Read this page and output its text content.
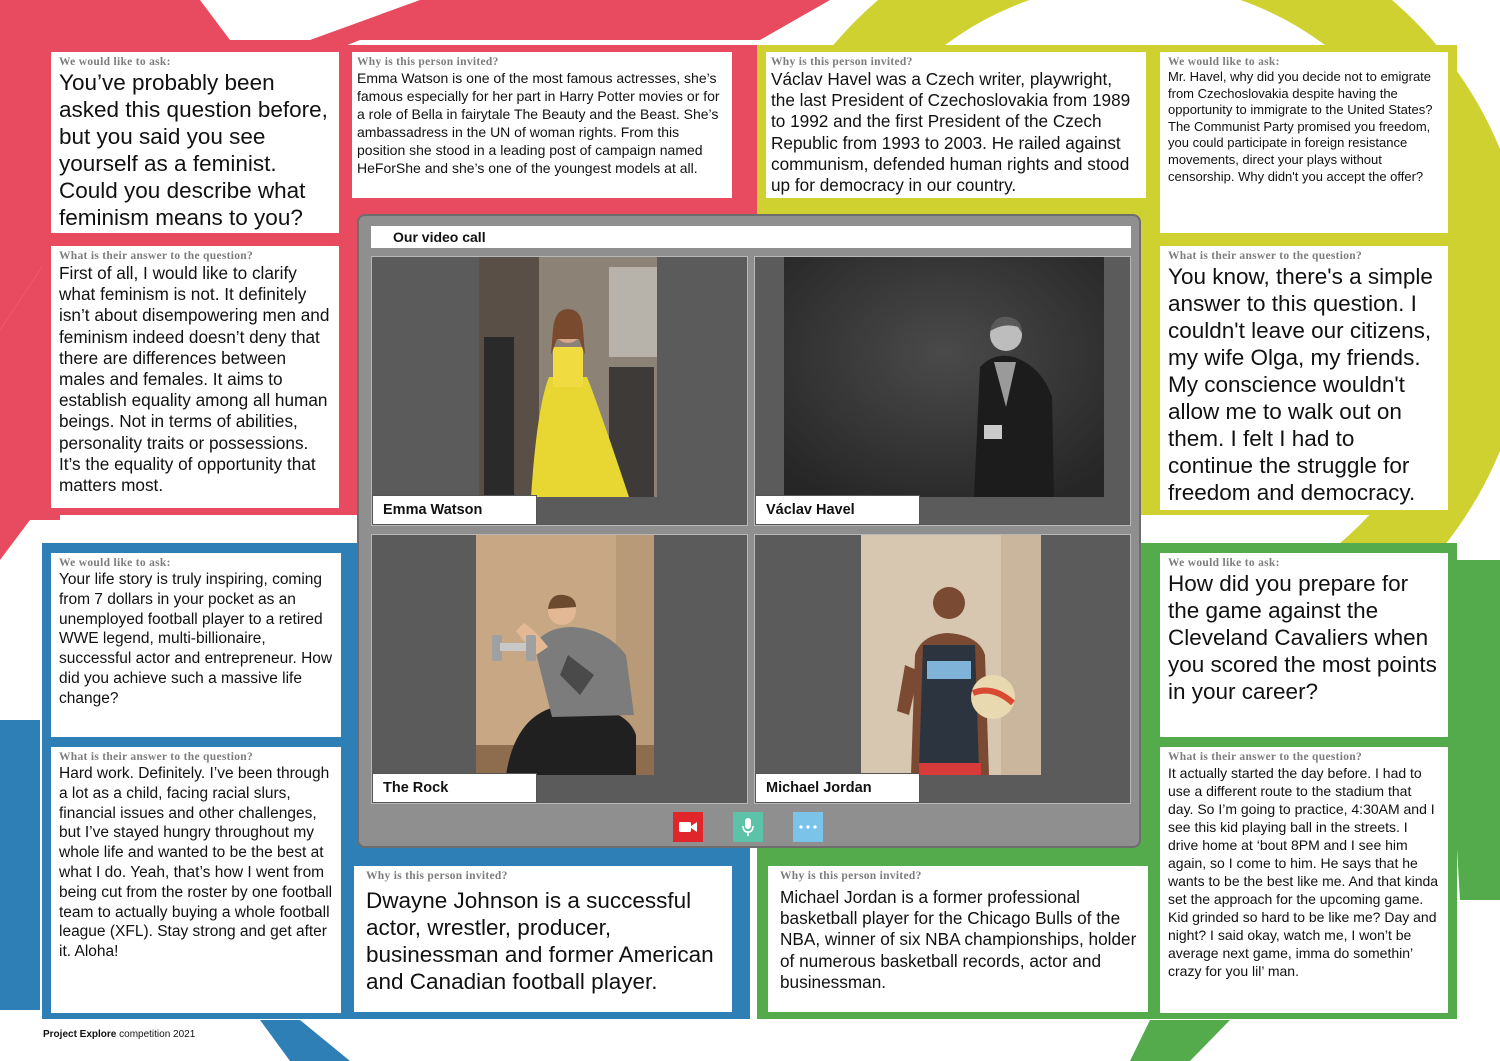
We would like to ask:
You’ve probably been asked this question before, but you said you see yourself as a feminist. Could you describe what feminism means to you?
Why is this person invited?
Emma Watson is one of the most famous actresses, she’s famous especially for her part in Harry Potter movies or for a role of Bella in fairytale The Beauty and the Beast. She’s ambassadress in the UN of woman rights. From this position she stood in a leading post of campaign named HeForShe and she’s one of the youngest models at all.
What is their answer to the question?
First of all, I would like to clarify what feminism is not. It definitely isn’t about disempowering men and feminism indeed doesn’t deny that there are differences between males and females. It aims to establish equality among all human beings. Not in terms of abilities, personality traits or possessions. It’s the equality of opportunity that matters most.
Why is this person invited?
Václav Havel was a Czech writer, playwright, the last President of Czechoslovakia from 1989 to 1992 and the first President of the Czech Republic from 1993 to 2003. He railed against communism, defended human rights and stood up for democracy in our country.
We would like to ask:
Mr. Havel, why did you decide not to emigrate from Czechoslovakia despite having the opportunity to immigrate to the United States? The Communist Party promised you freedom, you could participate in foreign resistance movements, direct your plays without censorship. Why didn't you accept the offer?
What is their answer to the question?
You know, there's a simple answer to this question. I couldn't leave our citizens, my wife Olga, my friends. My conscience wouldn't allow me to walk out on them. I felt I had to continue the struggle for freedom and democracy.
We would like to ask:
Your life story is truly inspiring, coming from 7 dollars in your pocket as an unemployed football player to a retired WWE legend, multi-billionaire, successful actor and entrepreneur. How did you achieve such a massive life change?
What is their answer to the question?
Hard work. Definitely. I’ve been through a lot as a child, facing racial slurs, financial issues and other challenges, but I’ve stayed hungry throughout my whole life and wanted to be the best at what I do. Yeah, that’s how I went from being cut from the roster by one football team to actually buying a whole football league (XFL). Stay strong and get after it. Aloha!
Why is this person invited?
Dwayne Johnson is a successful actor, wrestler, producer, businessman and former American and Canadian football player.
Why is this person invited?
Michael Jordan is a former professional basketball player for the Chicago Bulls of the NBA, winner of six NBA championships, holder of numerous basketball records, actor and businessman.
We would like to ask:
How did you prepare for the game against the Cleveland Cavaliers when you scored the most points in your career?
What is their answer to the question?
It actually started the day before. I had to use a different route to the stadium that day. So I’m going to practice, 4:30AM and I see this kid playing ball in the streets. I drive home at ‘bout 8PM and I see him again, so I come to him. He says that he wants to be the best like me. And that kinda set the approach for the upcoming game. Kid grinded so hard to be like me? Day and night? I said okay, watch me, I won’t be average next game, imma do somethin’ crazy for you lil’ man.
Our video call
Emma Watson	Václav Havel
The Rock	Michael Jordan
Project Explore competition 2021
